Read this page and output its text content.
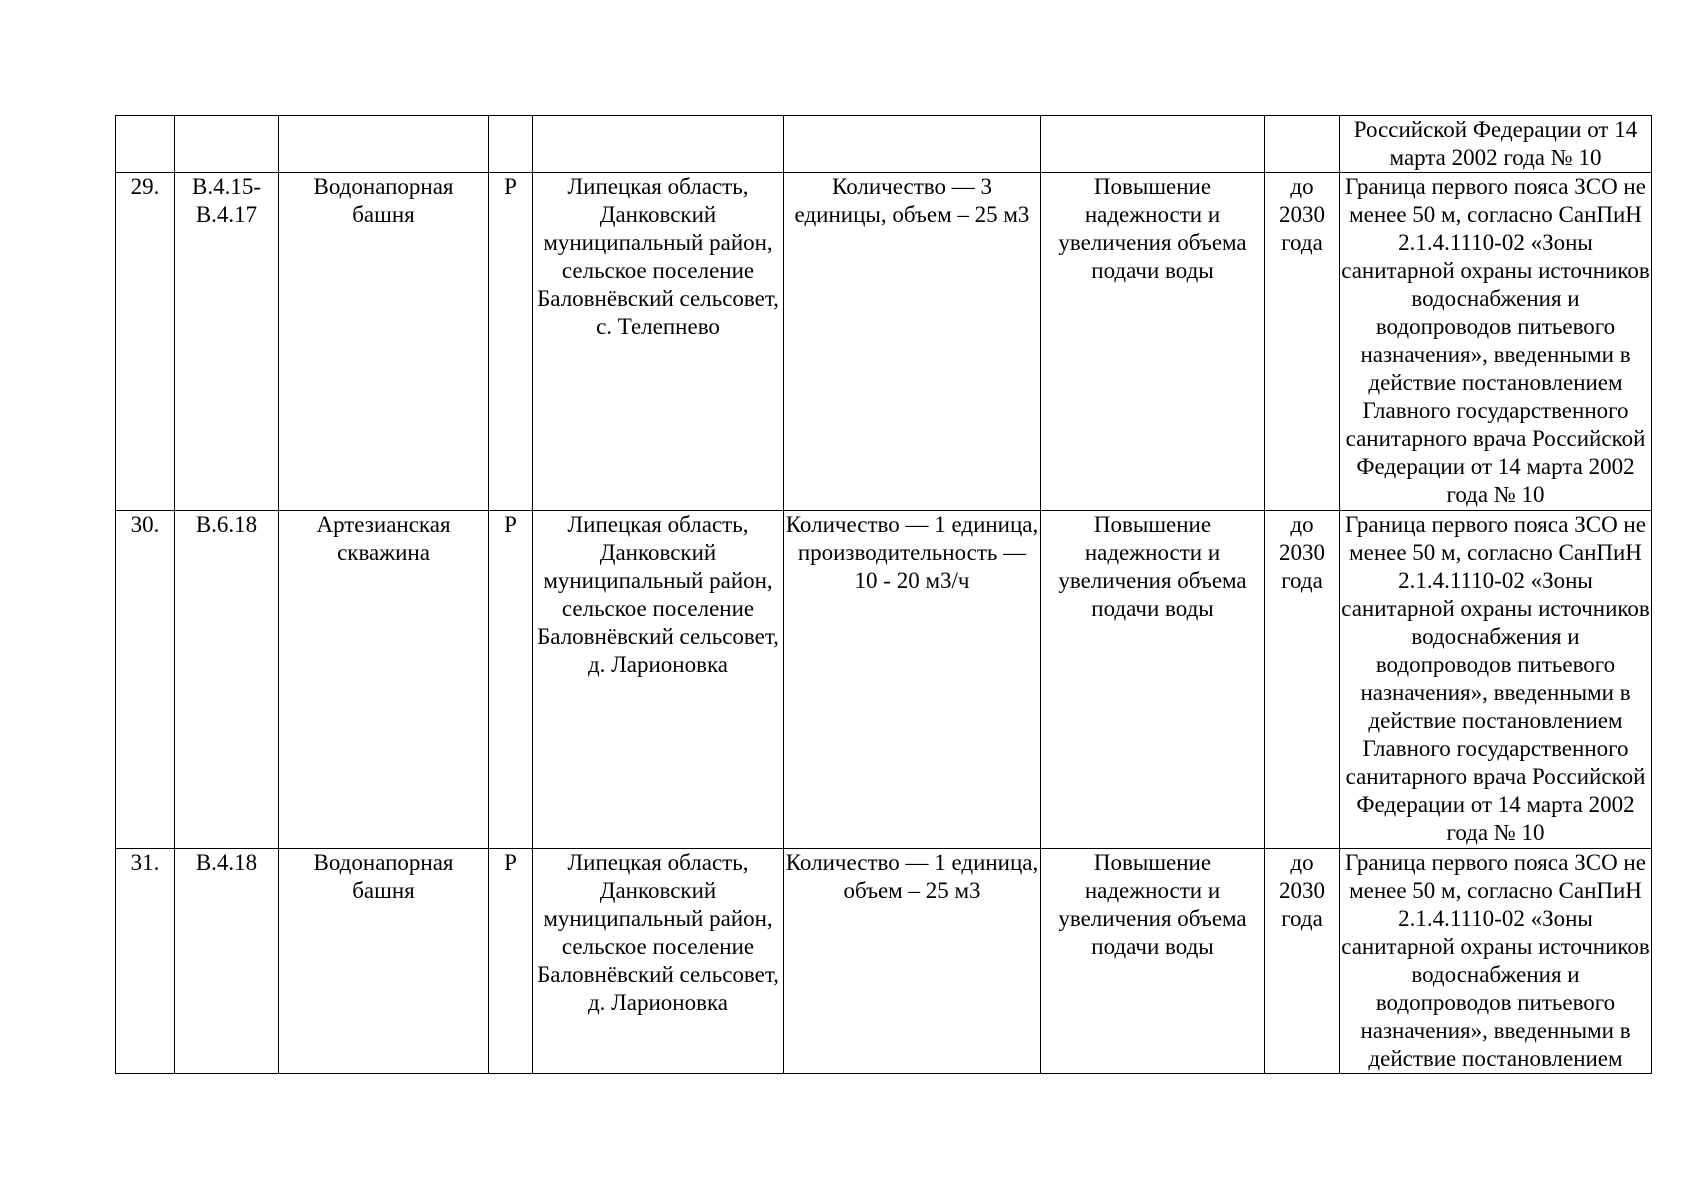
								Российской Федерации от 14 марта 2002 года № 10

29.	В.4.15-В.4.17	Водонапорная башня	Р	Липецкая область, Данковский муниципальный район, сельское поселение Баловнёвский сельсовет, с. Телепнево	Количество — 3 единицы, объем – 25 м3	Повышение надежности и увеличения объема подачи воды	до 2030 года	Граница первого пояса ЗСО не менее 50 м, согласно СанПиН 2.1.4.1110-02 «Зоны санитарной охраны источников водоснабжения и водопроводов питьевого назначения», введенными в действие постановлением Главного государственного санитарного врача Российской Федерации от 14 марта 2002 года № 10

30.	В.6.18	Артезианская скважина	Р	Липецкая область, Данковский муниципальный район, сельское поселение Баловнёвский сельсовет, д. Ларионовка	Количество — 1 единица, производительность — 10 - 20 м3/ч	Повышение надежности и увеличения объема подачи воды	до 2030 года	Граница первого пояса ЗСО не менее 50 м, согласно СанПиН 2.1.4.1110-02 «Зоны санитарной охраны источников водоснабжения и водопроводов питьевого назначения», введенными в действие постановлением Главного государственного санитарного врача Российской Федерации от 14 марта 2002 года № 10

31.	В.4.18	Водонапорная башня	Р	Липецкая область, Данковский муниципальный район, сельское поселение Баловнёвский сельсовет, д. Ларионовка	Количество — 1 единица, объем – 25 м3	Повышение надежности и увеличения объема подачи воды	до 2030 года	Граница первого пояса ЗСО не менее 50 м, согласно СанПиН 2.1.4.1110-02 «Зоны санитарной охраны источников водоснабжения и водопроводов питьевого назначения», введенными в действие постановлением
